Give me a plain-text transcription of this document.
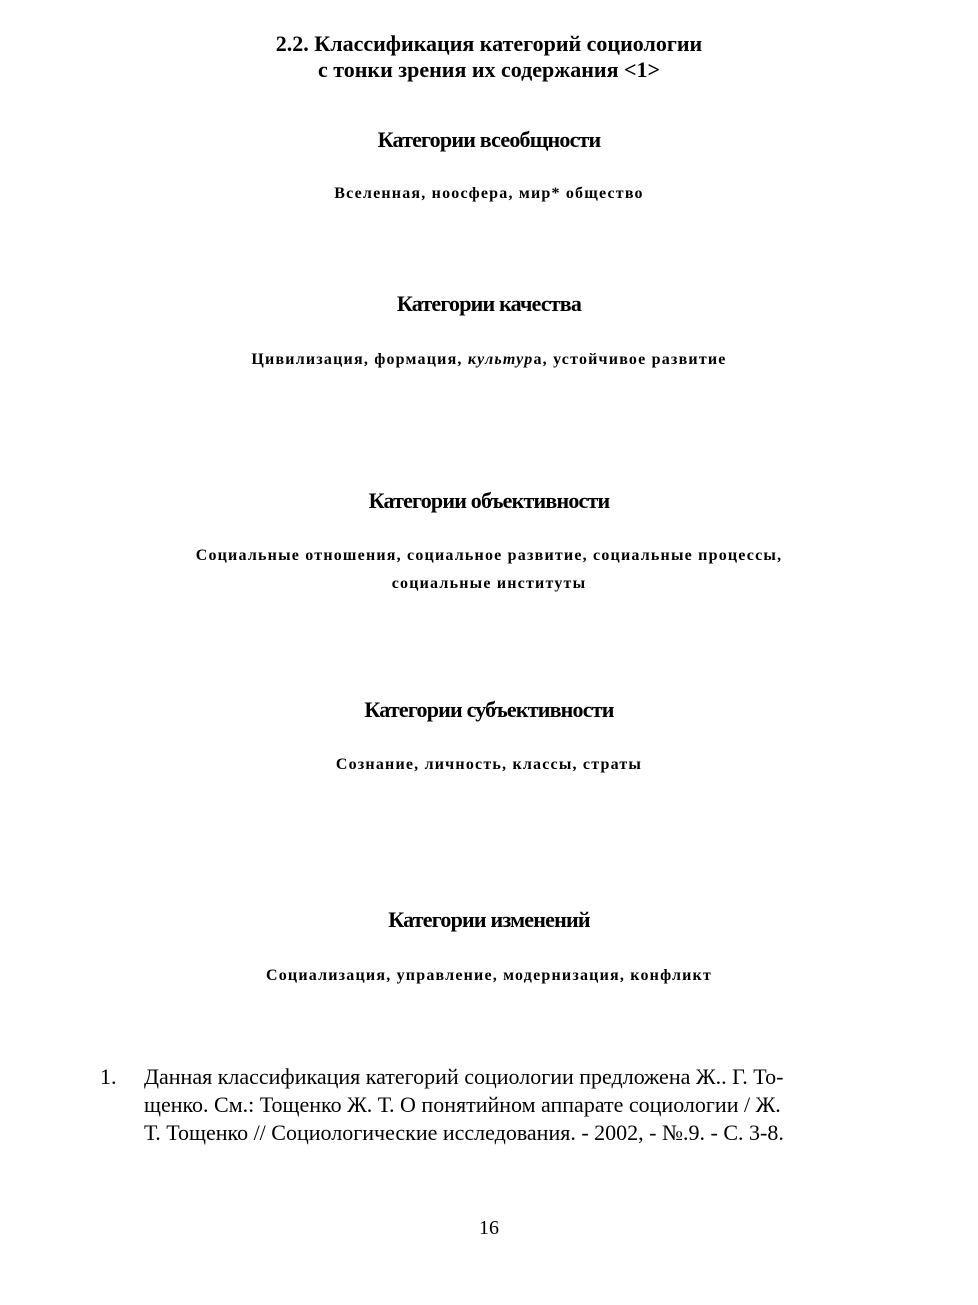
2.2. Классификация категорий социологии
с тонки зрения их содержания <1>
Категории всеобщности
Вселенная, ноосфера, мир* общество
Категории качества
Цивилизация, формация, культура, устойчивое развитие
Категории объективности
Социальные отношения, социальное развитие, социальные процессы,
социальные институты
Категории субъективности
Сознание, личность, классы, страты
Категории изменений
Социализация, управление, модернизация, конфликт
1.	Данная классификация категорий социологии предложена Ж.. Г. То-
щенко. См.: Тощенко Ж. Т. О понятийном аппарате социологии / Ж.
Т. Тощенко // Социологические исследования. - 2002, - №.9. - С. 3-8.
16
